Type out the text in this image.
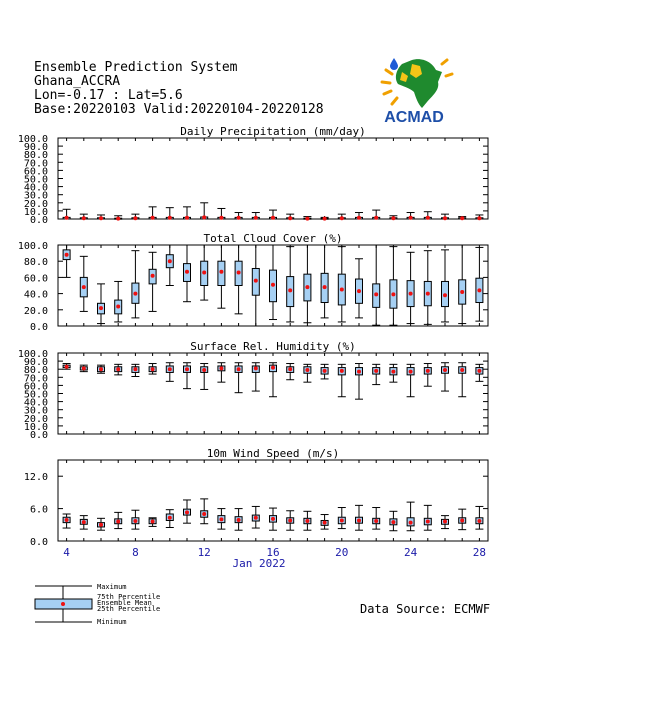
Ensemble Prediction System
Ghana_ACCRA
Lon=-0.17 : Lat=5.6
Base:20220103 Valid:20220104-20220128	ACMAD
Daily Precipitation (mm/day)
0.0
10.0
20.0
30.0
40.0
50.0
60.0
70.0
80.0
90.0
100.0
Total Cloud Cover (%)
0.0
20.0
40.0
60.0
80.0
100.0
Surface Rel. Humidity (%)
0.0
10.0
20.0
30.0
40.0
50.0
60.0
70.0
80.0
90.0
100.0
10m Wind Speed (m/s)
0.0
6.0
12.0
4	8	12	16	20	24	28
Jan 2022
Maximum
75th Percentile
Ensemble Mean
25th Percentile
Minimum
Data Source: ECMWF
